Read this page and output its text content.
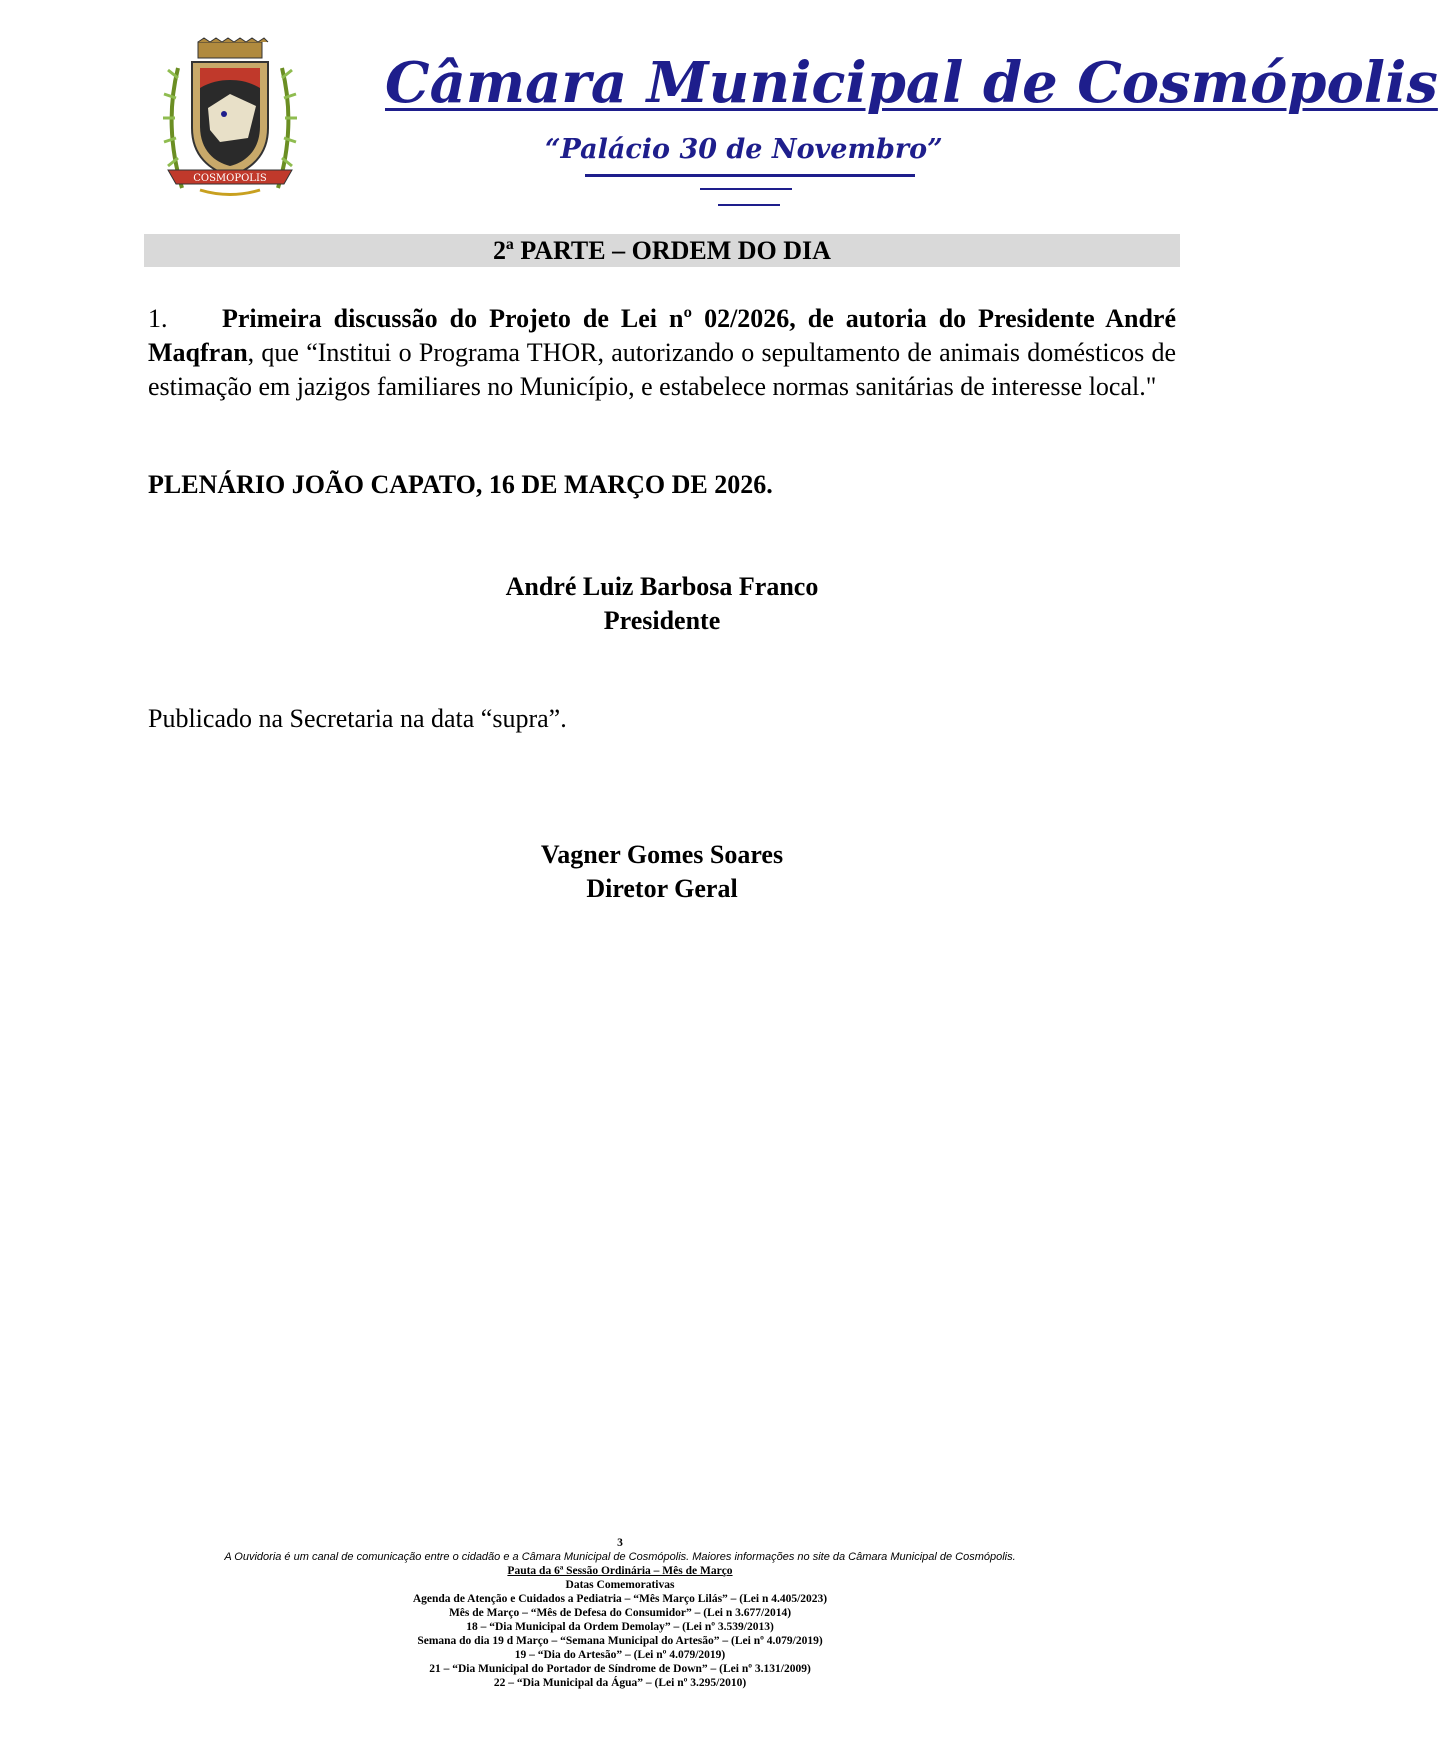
COSMOPOLIS
Câmara Municipal de Cosmópolis
“Palácio 30 de Novembro”
2ª PARTE – ORDEM DO DIA
1. Primeira discussão do Projeto de Lei nº 02/2026, de autoria do Presidente André Maqfran, que “Institui o Programa THOR, autorizando o sepultamento de animais domésticos de estimação em jazigos familiares no Município, e estabelece normas sanitárias de interesse local."
PLENÁRIO JOÃO CAPATO, 16 DE MARÇO DE 2026.
André Luiz Barbosa Franco
Presidente
Publicado na Secretaria na data “supra”.
Vagner Gomes Soares
Diretor Geral
3
A Ouvidoria é um canal de comunicação entre o cidadão e a Câmara Municipal de Cosmópolis. Maiores informações no site da Câmara Municipal de Cosmópolis.
Pauta da 6ª Sessão Ordinária – Mês de Março
Datas Comemorativas
Agenda de Atenção e Cuidados a Pediatria – “Mês Março Lilás” – (Lei n 4.405/2023)
Mês de Março – “Mês de Defesa do Consumidor” – (Lei n 3.677/2014)
18 – “Dia Municipal da Ordem Demolay” – (Lei nº 3.539/2013)
Semana do dia 19 d Março – “Semana Municipal do Artesão” – (Lei nº 4.079/2019)
19 – “Dia do Artesão” – (Lei nº 4.079/2019)
21 – “Dia Municipal do Portador de Síndrome de Down” – (Lei nº 3.131/2009)
22 – “Dia Municipal da Água” – (Lei nº 3.295/2010)
